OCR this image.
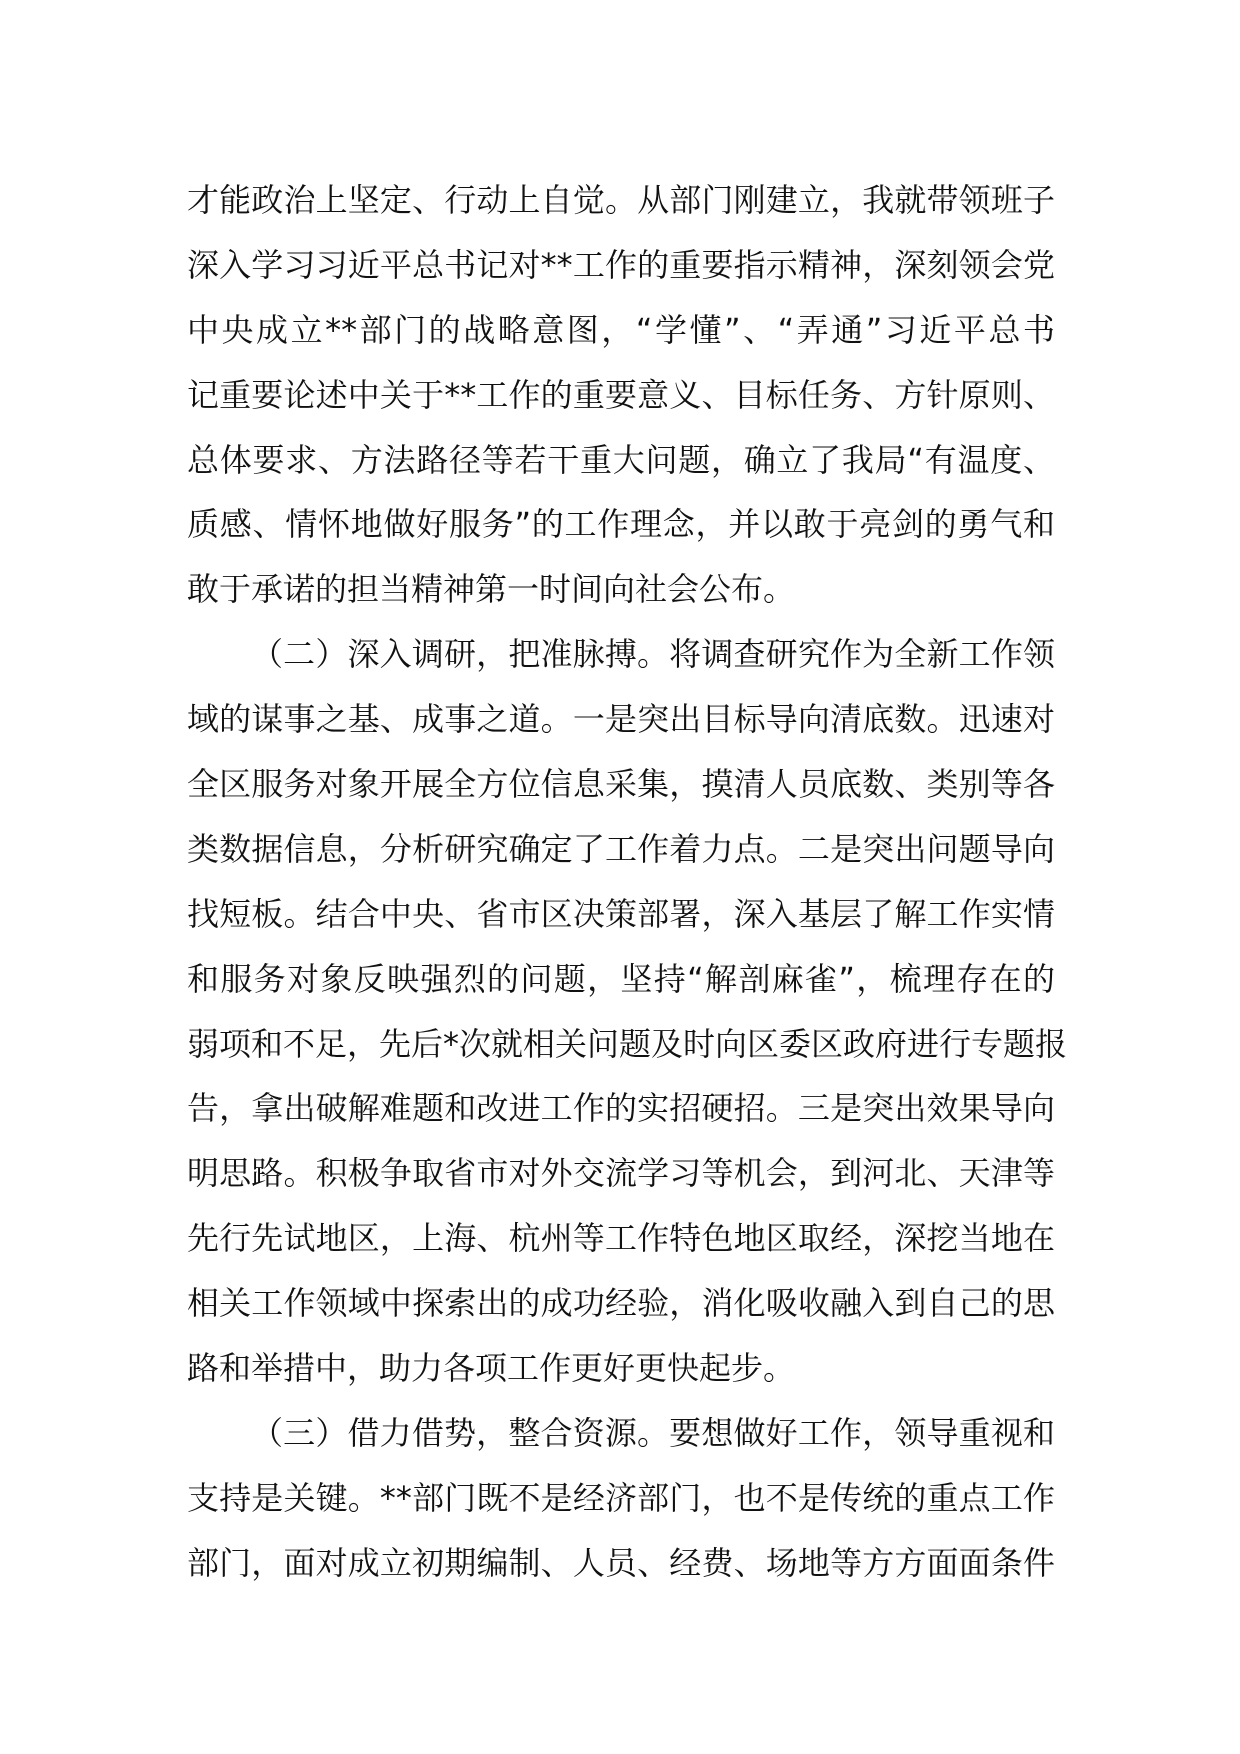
才能政治上坚定、行动上自觉。从部门刚建立，我就带领班子
深入学习习近平总书记对**工作的重要指示精神，深刻领会党
中央成立**部门的战略意图，“学懂”、“弄通”习近平总书
记重要论述中关于**工作的重要意义、目标任务、方针原则、
总体要求、方法路径等若干重大问题，确立了我局“有温度、
质感、情怀地做好服务”的工作理念，并以敢于亮剑的勇气和
敢于承诺的担当精神第一时间向社会公布。
（二）深入调研，把准脉搏。将调查研究作为全新工作领
域的谋事之基、成事之道。一是突出目标导向清底数。迅速对
全区服务对象开展全方位信息采集，摸清人员底数、类别等各
类数据信息，分析研究确定了工作着力点。二是突出问题导向
找短板。结合中央、省市区决策部署，深入基层了解工作实情
和服务对象反映强烈的问题，坚持“解剖麻雀”，梳理存在的
弱项和不足，先后*次就相关问题及时向区委区政府进行专题报
告，拿出破解难题和改进工作的实招硬招。三是突出效果导向
明思路。积极争取省市对外交流学习等机会，到河北、天津等
先行先试地区，上海、杭州等工作特色地区取经，深挖当地在
相关工作领域中探索出的成功经验，消化吸收融入到自己的思
路和举措中，助力各项工作更好更快起步。
（三）借力借势，整合资源。要想做好工作，领导重视和
支持是关键。**部门既不是经济部门，也不是传统的重点工作
部门，面对成立初期编制、人员、经费、场地等方方面面条件
